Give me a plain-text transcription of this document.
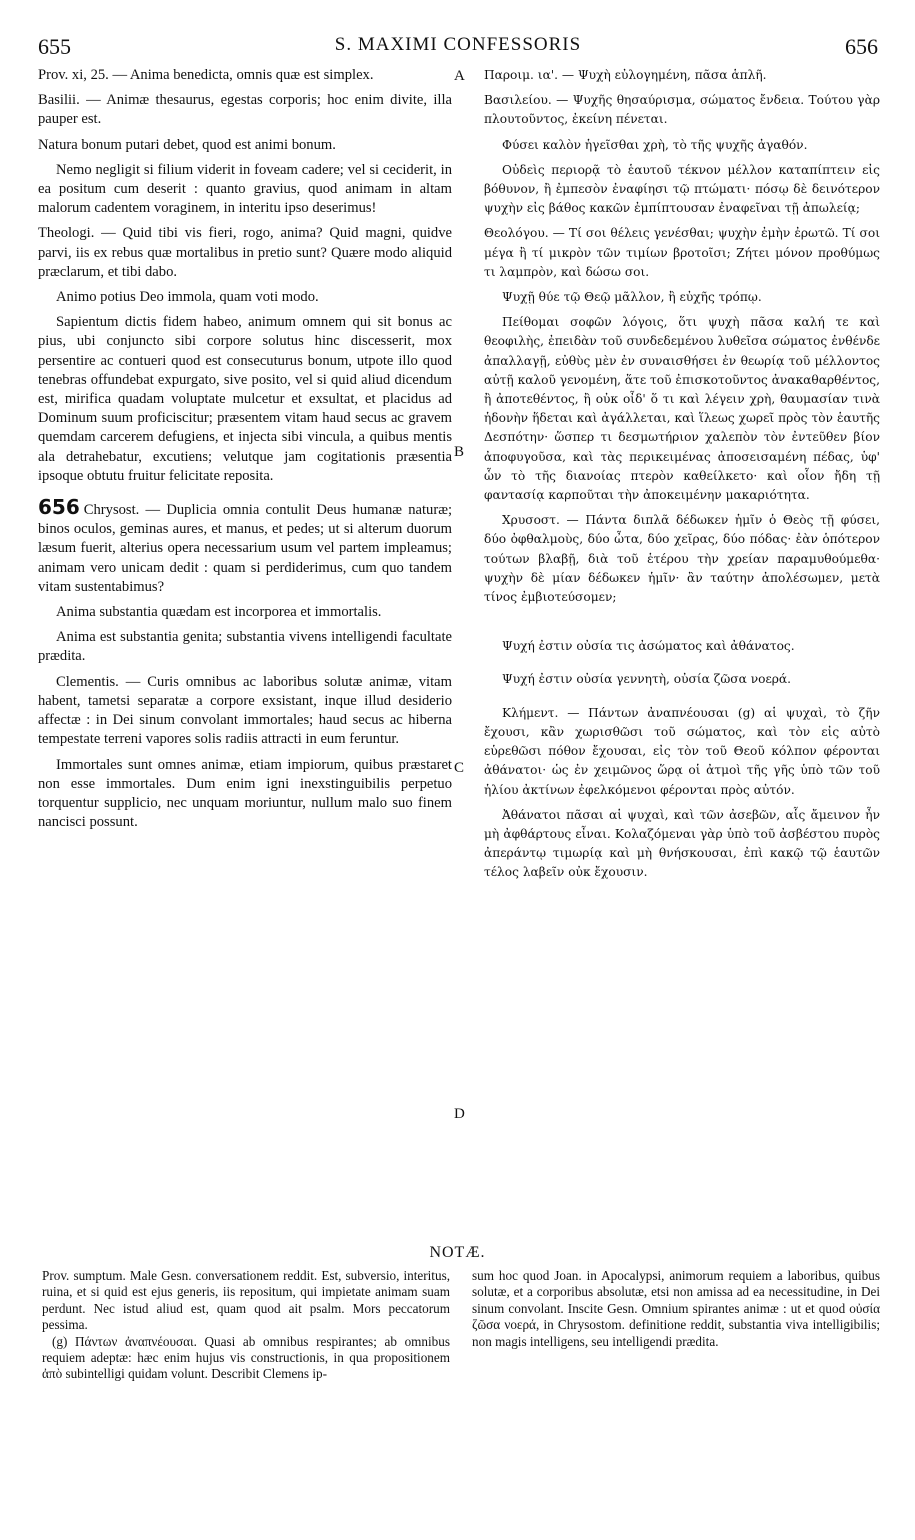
655	S. MAXIMI CONFESSORIS	656

Prov. xi, 25. — Anima benedicta, omnis quæ est simplex.

Basilii. — Animæ thesaurus, egestas corporis; hoc enim divite, illa pauper est.

Natura bonum putari debet, quod est animi bonum.

Nemo negligit si filium viderit in foveam cadere; vel si ceciderit, in ea positum cum deserit : quanto gravius, quod animam in altam malorum cadentem voraginem, in interitu ipso deserimus!

Theologi. — Quid tibi vis fieri, rogo, anima? Quid magni, quidve parvi, iis ex rebus quæ mortalibus in pretio sunt? Quære modo aliquid præclarum, et tibi dabo.

Animo potius Deo immola, quam voti modo.

Sapientum dictis fidem habeo, animum omnem qui sit bonus ac pius, ubi conjuncto sibi corpore solutus hinc discesserit, mox persentire ac contueri quod est consecuturus bonum, utpote illo quod tenebras offundebat expurgato, sive posito, vel si quid aliud dicendum est, mirifica quadam voluptate mulcetur et exsultat, et placidus ad Dominum suum proficiscitur; præsentem vitam haud secus ac gravem quemdam carcerem defugiens, et injecta sibi vincula, a quibus mentis ala detrahebatur, excutiens; velutque jam cogitationis præsentia ipsoque obtutu fruitur felicitate reposita.

656 Chrysost. — Duplicia omnia contulit Deus humanæ naturæ; binos oculos, geminas aures, et manus, et pedes; ut si alterum duorum læsum fuerit, alterius opera necessarium usum vel partem impleamus; animam vero unicam dedit : quam si perdiderimus, cum quo tandem vitam sustentabimus?

Anima substantia quædam est incorporea et immortalis.

Anima est substantia genita; substantia vivens intelligendi facultate prædita.

Clementis. — Curis omnibus ac laboribus solutæ animæ, vitam habent, tametsi separatæ a corpore exsistant, inque illud desiderio affectæ : in Dei sinum convolant immortales; haud secus ac hiberna tempestate terreni vapores solis radiis attracti in eum feruntur.

Immortales sunt omnes animæ, etiam impiorum, quibus præstaret non esse immortales. Dum enim igni inexstinguibilis perpetuo torquentur supplicio, nec unquam moriuntur, nullum malo suo finem nancisci possunt.

Παροιμ. ια'. — Ψυχὴ εὐλογημένη, πᾶσα ἁπλῆ.

Βασιλείου. — Ψυχῆς θησαύρισμα, σώματος ἔνδεια. Τούτου γὰρ πλουτοῦντος, ἐκείνη πένεται.

Φύσει καλὸν ἡγεῖσθαι χρὴ, τὸ τῆς ψυχῆς ἀγαθόν.

Οὐδεὶς περιορᾷ τὸ ἑαυτοῦ τέκνον μέλλον καταπίπτειν εἰς βόθυνον, ἢ ἐμπεσὸν ἐναφίησι τῷ πτώματι· πόσῳ δὲ δεινότερον ψυχὴν εἰς βάθος κακῶν ἐμπίπτουσαν ἐναφεῖναι τῇ ἀπωλείᾳ;

Θεολόγου. — Τί σοι θέλεις γενέσθαι; ψυχὴν ἐμὴν ἐρωτῶ. Τί σοι μέγα ἢ τί μικρὸν τῶν τιμίων βροτοῖσι; Ζήτει μόνον προθύμως τι λαμπρὸν, καὶ δώσω σοι.

Ψυχῇ θύε τῷ Θεῷ μᾶλλον, ἢ εὐχῆς τρόπῳ.

Πείθομαι σοφῶν λόγοις, ὅτι ψυχὴ πᾶσα καλή τε καὶ θεοφιλὴς, ἐπειδὰν τοῦ συνδεδεμένου λυθεῖσα σώματος ἐνθένδε ἀπαλλαγῇ, εὐθὺς μὲν ἐν συναισθήσει ἐν θεωρίᾳ τοῦ μέλλοντος αὐτῇ καλοῦ γενομένη, ἅτε τοῦ ἐπισκοτοῦντος ἀνακαθαρθέντος, ἢ ἀποτεθέντος, ἢ οὐκ οἶδ' ὅ τι καὶ λέγειν χρὴ, θαυμασίαν τινὰ ἡδονὴν ἥδεται καὶ ἀγάλλεται, καὶ ἵλεως χωρεῖ πρὸς τὸν ἑαυτῆς Δεσπότην· ὥσπερ τι δεσμωτήριον χαλεπὸν τὸν ἐντεῦθεν βίον ἀποφυγοῦσα, καὶ τὰς περικειμένας ἀποσεισαμένη πέδας, ὑφ' ὧν τὸ τῆς διανοίας πτερὸν καθείλκετο· καὶ οἷον ἤδη τῇ φαντασίᾳ καρποῦται τὴν ἀποκειμένην μακαριότητα.

Χρυσοστ. — Πάντα διπλᾶ δέδωκεν ἡμῖν ὁ Θεὸς τῇ φύσει, δύο ὀφθαλμοὺς, δύο ὦτα, δύο χεῖρας, δύο πόδας· ἐὰν ὁπότερον τούτων βλαβῇ, διὰ τοῦ ἑτέρου τὴν χρείαν παραμυθούμεθα· ψυχὴν δὲ μίαν δέδωκεν ἡμῖν· ἂν ταύτην ἀπολέσωμεν, μετὰ τίνος ἐμβιοτεύσομεν;

Ψυχή ἐστιν οὐσία τις ἀσώματος καὶ ἀθάνατος.

Ψυχή ἐστιν οὐσία γεννητὴ, οὐσία ζῶσα νοερά.

Κλήμεντ. — Πάντων ἀναπνέουσαι (g) αἱ ψυχαὶ, τὸ ζῆν ἔχουσι, κἂν χωρισθῶσι τοῦ σώματος, καὶ τὸν εἰς αὐτὸ εὑρεθῶσι πόθον ἔχουσαι, εἰς τὸν τοῦ Θεοῦ κόλπον φέρονται ἀθάνατοι· ὡς ἐν χειμῶνος ὥρᾳ οἱ ἀτμοὶ τῆς γῆς ὑπὸ τῶν τοῦ ἡλίου ἀκτίνων ἐφελκόμενοι φέρονται πρὸς αὐτόν.

Ἀθάνατοι πᾶσαι αἱ ψυχαὶ, καὶ τῶν ἀσεβῶν, αἷς ἄμεινον ἦν μὴ ἀφθάρτους εἶναι. Κολαζόμεναι γὰρ ὑπὸ τοῦ ἀσβέστου πυρὸς ἀπεράντῳ τιμωρίᾳ καὶ μὴ θνήσκουσαι, ἐπὶ κακῷ τῷ ἑαυτῶν τέλος λαβεῖν οὐκ ἔχουσιν.

A
B
C
D
NOTÆ.

Prov. sumptum. Male Gesn. conversationem reddit. Est, subversio, interitus, ruina, et si quid est ejus generis, iis repositum, qui impietate animam suam perdunt. Nec istud aliud est, quam quod ait psalm. Mors peccatorum pessima.

(g) Πάντων ἀναπνέουσαι. Quasi ab omnibus respirantes; ab omnibus requiem adeptæ: hæc enim hujus vis constructionis, in qua propositionem ἀπὸ subintelligi quidam volunt. Describit Clemens ip-

sum hoc quod Joan. in Apocalypsi, animorum requiem a laboribus, quibus solutæ, et a corporibus absolutæ, etsi non amissa ad ea necessitudine, in Dei sinum convolant. Inscite Gesn. Omnium spirantes animæ : ut et quod οὐσία ζῶσα νοερά, in Chrysostom. definitione reddit, substantia viva intelligibilis; non magis intelligens, seu intelligendi prædita.
